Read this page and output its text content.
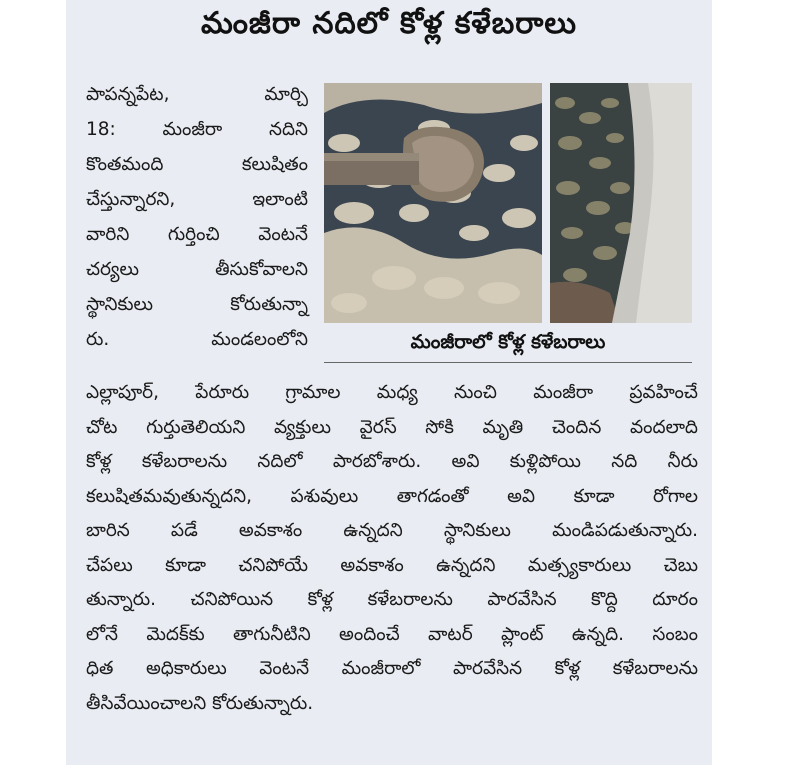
మంజీరా నదిలో కోళ్ల కళేబరాలు
పాపన్నపేట, మార్చి
18: మంజీరా నదిని
కొంతమంది కలుషితం
చేస్తున్నారని, ఇలాంటి
వారిని గుర్తించి వెంటనే
చర్యలు తీసుకోవాలని
స్థానికులు కోరుతున్నా
రు. మండలంలోని	మంజీరాలో కోళ్ల కళేబరాలు
ఎల్లాపూర్, పేరూరు గ్రామాల మధ్య నుంచి మంజీరా ప్రవహించే
చోట గుర్తుతెలియని వ్యక్తులు వైరస్ సోకి మృతి చెందిన వందలాది
కోళ్ల కళేబరాలను నదిలో పారబోశారు. అవి కుళ్లిపోయి నది నీరు
కలుషితమవుతున్నదని, పశువులు తాగడంతో అవి కూడా రోగాల
బారిన పడే అవకాశం ఉన్నదని స్థానికులు మండిపడుతున్నారు.
చేపలు కూడా చనిపోయే అవకాశం ఉన్నదని మత్స్యకారులు చెబు
తున్నారు. చనిపోయిన కోళ్ల కళేబరాలను పారవేసిన కొద్ది దూరం
లోనే మెదక్‌కు తాగునీటిని అందించే వాటర్ ప్లాంట్ ఉన్నది. సంబం
ధిత అధికారులు వెంటనే మంజీరాలో పారవేసిన కోళ్ల కళేబరాలను
తీసివేయించాలని కోరుతున్నారు.
